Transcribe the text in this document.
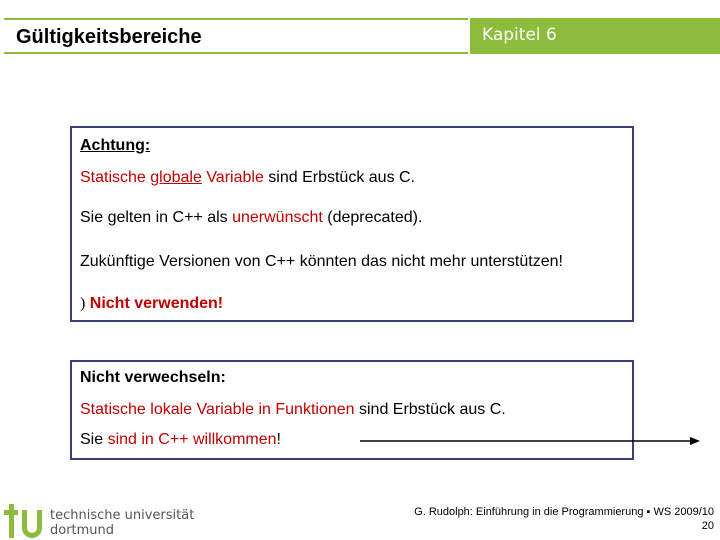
Gültigkeitsbereiche	Kapitel 6
Achtung:
Statische globale Variable sind Erbstück aus C.
Sie gelten in C++ als unerwünscht (deprecated).
Zukünftige Versionen von C++ könnten das nicht mehr unterstützen!
) Nicht verwenden!
Nicht verwechseln:
Statische lokale Variable in Funktionen sind Erbstück aus C.
Sie sind in C++ willkommen!
technische universität
dortmund
G. Rudolph: Einführung in die Programmierung ▪ WS 2009/10
20
